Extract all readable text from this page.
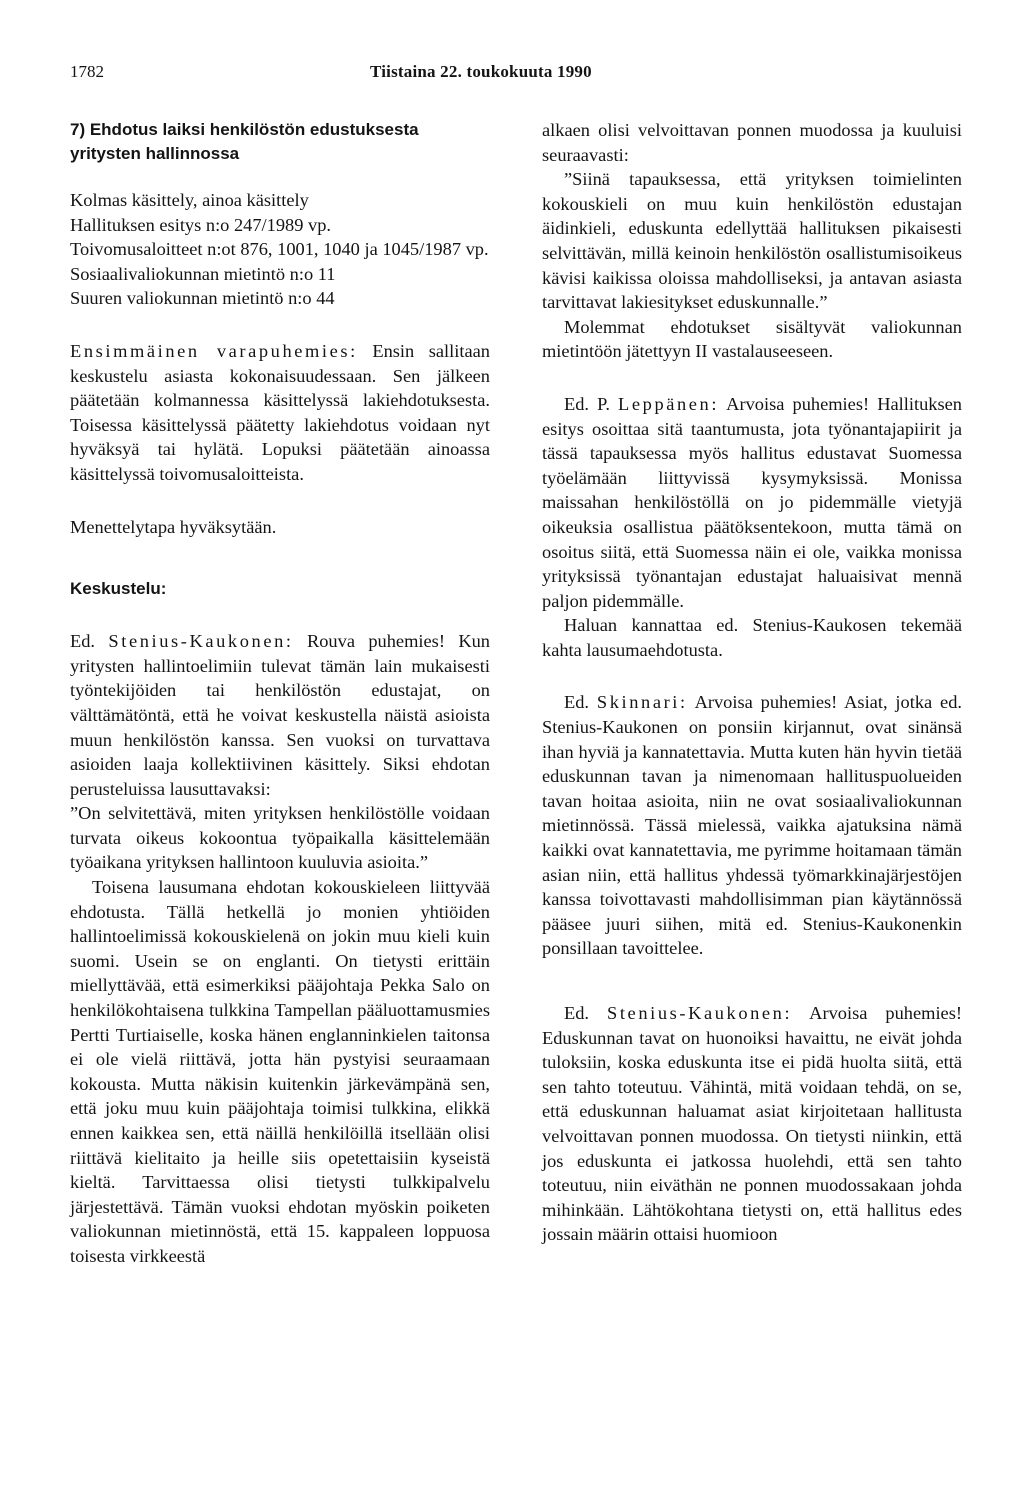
1782	Tiistaina 22. toukokuuta 1990

7) Ehdotus laiksi henkilöstön edustuksesta yritysten hallinnossa

Kolmas käsittely, ainoa käsittely

Hallituksen esitys n:o 247/1989 vp.

Toivomusaloitteet n:ot 876, 1001, 1040 ja 1045/1987 vp.

Sosiaalivaliokunnan mietintö n:o 11

Suuren valiokunnan mietintö n:o 44

Ensimmäinen varapuhemies: Ensin sallitaan keskustelu asiasta kokonaisuudessaan. Sen jälkeen päätetään kolmannessa käsittelyssä lakiehdotuksesta. Toisessa käsittelyssä päätetty lakiehdotus voidaan nyt hyväksyä tai hylätä. Lopuksi päätetään ainoassa käsittelyssä toivomusaloitteista.

Menettelytapa hyväksytään.

Keskustelu:

Ed. Stenius-Kaukonen: Rouva puhemies! Kun yritysten hallintoelimiin tulevat tämän lain mukaisesti työntekijöiden tai henkilöstön edustajat, on välttämätöntä, että he voivat keskustella näistä asioista muun henkilöstön kanssa. Sen vuoksi on turvattava asioiden laaja kollektiivinen käsittely. Siksi ehdotan perusteluissa lausuttavaksi:

”On selvitettävä, miten yrityksen henkilöstölle voidaan turvata oikeus kokoontua työpaikalla käsittelemään työaikana yrityksen hallintoon kuuluvia asioita.”

Toisena lausumana ehdotan kokouskieleen liittyvää ehdotusta. Tällä hetkellä jo monien yhtiöiden hallintoelimissä kokouskielenä on jokin muu kieli kuin suomi. Usein se on englanti. On tietysti erittäin miellyttävää, että esimerkiksi pääjohtaja Pekka Salo on henkilökohtaisena tulkkina Tampellan pääluottamusmies Pertti Turtiaiselle, koska hänen englanninkielen taitonsa ei ole vielä riittävä, jotta hän pystyisi seuraamaan kokousta. Mutta näkisin kuitenkin järkevämpänä sen, että joku muu kuin pääjohtaja toimisi tulkkina, elikkä ennen kaikkea sen, että näillä henkilöillä itsellään olisi riittävä kielitaito ja heille siis opetettaisiin kyseistä kieltä. Tarvittaessa olisi tietysti tulkkipalvelu järjestettävä. Tämän vuoksi ehdotan myöskin poiketen valiokunnan mietinnöstä, että 15. kappaleen loppuosa toisesta virkkeestä

alkaen olisi velvoittavan ponnen muodossa ja kuuluisi seuraavasti:

”Siinä tapauksessa, että yrityksen toimielinten kokouskieli on muu kuin henkilöstön edustajan äidinkieli, eduskunta edellyttää hallituksen pikaisesti selvittävän, millä keinoin henkilöstön osallistumisoikeus kävisi kaikissa oloissa mahdolliseksi, ja antavan asiasta tarvittavat lakiesitykset eduskunnalle.”

Molemmat ehdotukset sisältyvät valiokunnan mietintöön jätettyyn II vastalauseeseen.

Ed. P. Leppänen: Arvoisa puhemies! Hallituksen esitys osoittaa sitä taantumusta, jota työnantajapiirit ja tässä tapauksessa myös hallitus edustavat Suomessa työelämään liittyvissä kysymyksissä. Monissa maissahan henkilöstöllä on jo pidemmälle vietyjä oikeuksia osallistua päätöksentekoon, mutta tämä on osoitus siitä, että Suomessa näin ei ole, vaikka monissa yrityksissä työnantajan edustajat haluaisivat mennä paljon pidemmälle.

Haluan kannattaa ed. Stenius-Kaukosen tekemää kahta lausumaehdotusta.

Ed. Skinnari: Arvoisa puhemies! Asiat, jotka ed. Stenius-Kaukonen on ponsiin kirjannut, ovat sinänsä ihan hyviä ja kannatettavia. Mutta kuten hän hyvin tietää eduskunnan tavan ja nimenomaan hallituspuolueiden tavan hoitaa asioita, niin ne ovat sosiaalivaliokunnan mietinnössä. Tässä mielessä, vaikka ajatuksina nämä kaikki ovat kannatettavia, me pyrimme hoitamaan tämän asian niin, että hallitus yhdessä työmarkkinajärjestöjen kanssa toivottavasti mahdollisimman pian käytännössä pääsee juuri siihen, mitä ed. Stenius-Kaukonenkin ponsillaan tavoittelee.

Ed. Stenius-Kaukonen: Arvoisa puhemies! Eduskunnan tavat on huonoiksi havaittu, ne eivät johda tuloksiin, koska eduskunta itse ei pidä huolta siitä, että sen tahto toteutuu. Vähintä, mitä voidaan tehdä, on se, että eduskunnan haluamat asiat kirjoitetaan hallitusta velvoittavan ponnen muodossa. On tietysti niinkin, että jos eduskunta ei jatkossa huolehdi, että sen tahto toteutuu, niin eiväthän ne ponnen muodossakaan johda mihinkään. Lähtökohtana tietysti on, että hallitus edes jossain määrin ottaisi huomioon
